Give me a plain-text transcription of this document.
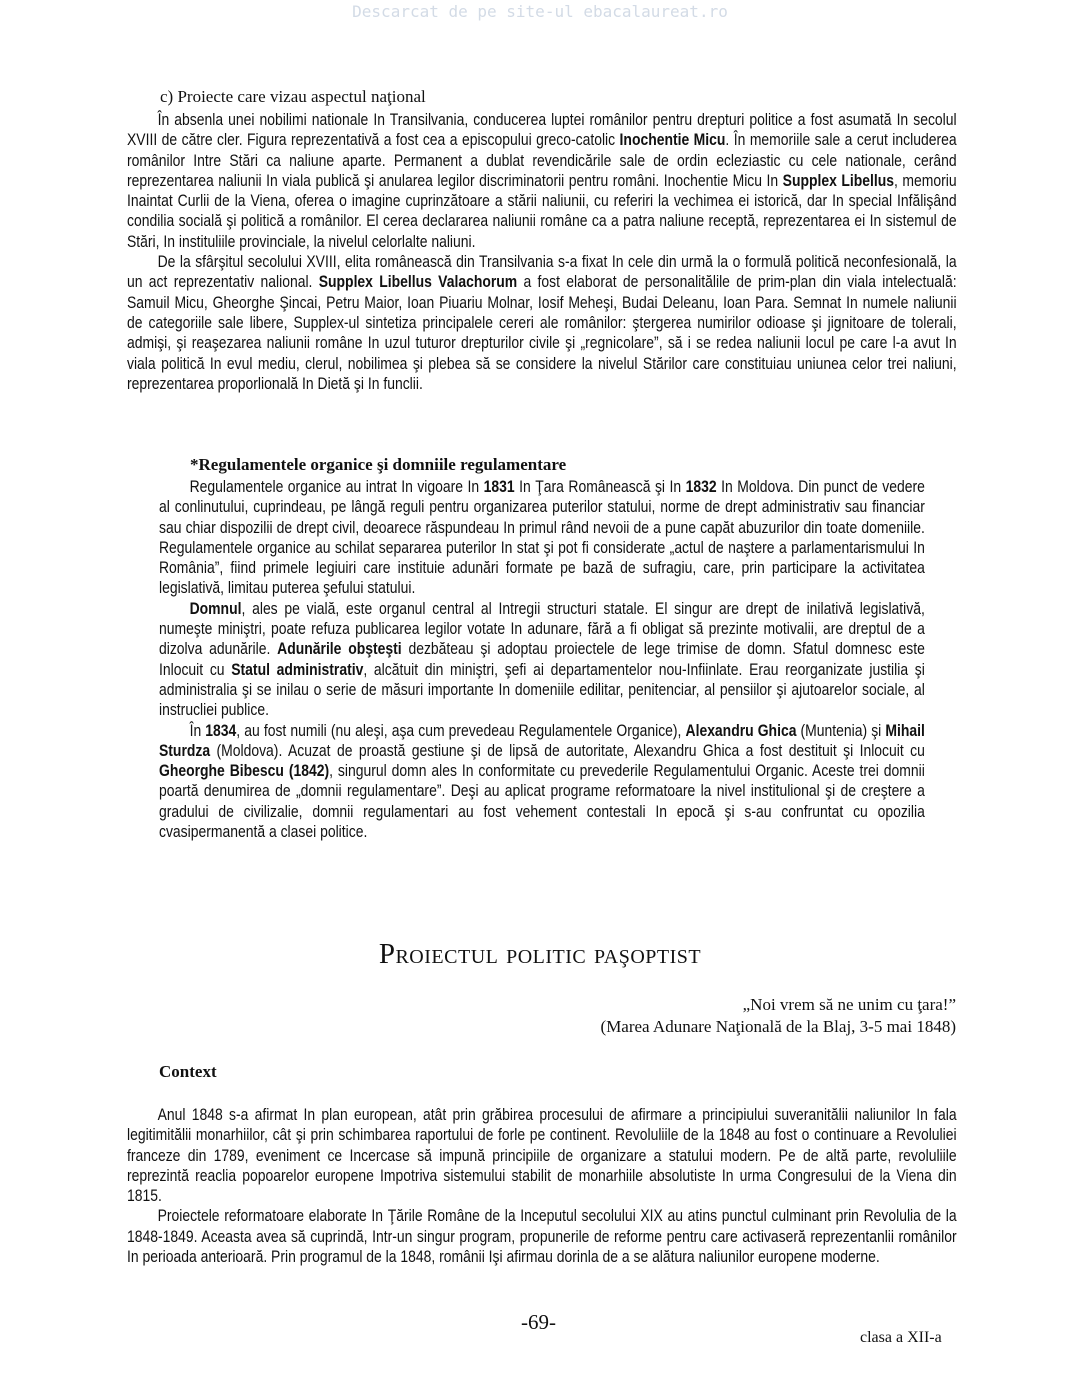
Descarcat de pe site-ul ebacalaureat.ro
c) Proiecte care vizau aspectul naţional

În absenla unei nobilimi nationale In Transilvania, conducerea luptei românilor pentru drepturi politice a fost asumată In secolul XVIII de către cler. Figura reprezentativă a fost cea a episcopului greco-catolic Inochentie Micu. În memoriile sale a cerut includerea românilor Intre Stări ca naliune aparte. Permanent a dublat revendicările sale de ordin ecleziastic cu cele nationale, cerând reprezentarea naliunii In viala publică şi anularea legilor discriminatorii pentru români. Inochentie Micu In Supplex Libellus, memoriu Inaintat Curlii de la Viena, oferea o imagine cuprinzătoare a stării naliunii, cu referiri la vechimea ei istorică, dar In special Infălişând condilia socială şi politică a românilor. El cerea declararea naliunii române ca a patra naliune receptă, reprezentarea ei In sistemul de Stări, In instituliile provinciale, la nivelul celorlalte naliuni.

De la sfârşitul secolului XVIII, elita românească din Transilvania s-a fixat In cele din urmă la o formulă politică neconfesională, la un act reprezentativ nalional. Supplex Libellus Valachorum a fost elaborat de personalitălile de prim-plan din viala intelectuală: Samuil Micu, Gheorghe Şincai, Petru Maior, Ioan Piuariu Molnar, Iosif Meheşi, Budai Deleanu, Ioan Para. Semnat In numele naliunii de categoriile sale libere, Supplex-ul sintetiza principalele cereri ale românilor: ştergerea numirilor odioase şi jignitoare de tolerali, admişi, şi reaşezarea naliunii române In uzul tuturor drepturilor civile şi „regnicolare”, să i se redea naliunii locul pe care l-a avut In viala politică In evul mediu, clerul, nobilimea şi plebea să se considere la nivelul Stărilor care constituiau uniunea celor trei naliuni, reprezentarea proporlională In Dietă şi In funclii.

*Regulamentele organice şi domniile regulamentare

Regulamentele organice au intrat In vigoare In 1831 In Ţara Românească şi In 1832 In Moldova. Din punct de vedere al conlinutului, cuprindeau, pe lângă reguli pentru organizarea puterilor statului, norme de drept administrativ sau financiar sau chiar dispozilii de drept civil, deoarece răspundeau In primul rând nevoii de a pune capăt abuzurilor din toate domeniile. Regulamentele organice au schilat separarea puterilor In stat şi pot fi considerate „actul de naştere a parlamentarismului In România”, fiind primele legiuiri care instituie adunări formate pe bază de sufragiu, care, prin participare la activitatea legislativă, limitau puterea şefului statului.

Domnul, ales pe vială, este organul central al Intregii structuri statale. El singur are drept de inilativă legislativă, numeşte miniştri, poate refuza publicarea legilor votate In adunare, fără a fi obligat să prezinte motivalii, are dreptul de a dizolva adunările. Adunările obşteşti dezbăteau şi adoptau proiectele de lege trimise de domn. Sfatul domnesc este Inlocuit cu Statul administrativ, alcătuit din miniştri, şefi ai departamentelor nou-Infiinlate. Erau reorganizate justilia şi administralia şi se inilau o serie de măsuri importante In domeniile edilitar, penitenciar, al pensiilor şi ajutoarelor sociale, al instrucliei publice.

În 1834, au fost numili (nu aleşi, aşa cum prevedeau Regulamentele Organice), Alexandru Ghica (Muntenia) şi Mihail Sturdza (Moldova). Acuzat de proastă gestiune şi de lipsă de autoritate, Alexandru Ghica a fost destituit şi Inlocuit cu Gheorghe Bibescu (1842), singurul domn ales In conformitate cu prevederile Regulamentului Organic. Aceste trei domnii poartă denumirea de „domnii regulamentare”. Deşi au aplicat programe reformatoare la nivel institulional şi de creştere a gradului de civilizalie, domnii regulamentari au fost vehement contestali In epocă şi s-au confruntat cu opozilia cvasipermanentă a clasei politice.

Proiectul politic paşoptist
„Noi vrem să ne unim cu ţara!”
(Marea Adunare Naţională de la Blaj, 3-5 mai 1848)
Context

Anul 1848 s-a afirmat In plan european, atât prin grăbirea procesului de afirmare a principiului suveranitălii naliunilor In fala legitimitălii monarhiilor, cât şi prin schimbarea raportului de forle pe continent. Revoluliile de la 1848 au fost o continuare a Revoluliei franceze din 1789, eveniment ce Incercase să impună principiile de organizare a statului modern. Pe de altă parte, revoluliile reprezintă reaclia popoarelor europene Impotriva sistemului stabilit de monarhiile absolutiste In urma Congresului de la Viena din 1815.

Proiectele reformatoare elaborate In Ţările Române de la Inceputul secolului XIX au atins punctul culminant prin Revolulia de la 1848-1849. Aceasta avea să cuprindă, Intr-un singur program, propunerile de reforme pentru care activaseră reprezentanlii românilor In perioada anterioară. Prin programul de la 1848, românii Işi afirmau dorinla de a se alătura naliunilor europene moderne.

-69-
clasa a XII-a
